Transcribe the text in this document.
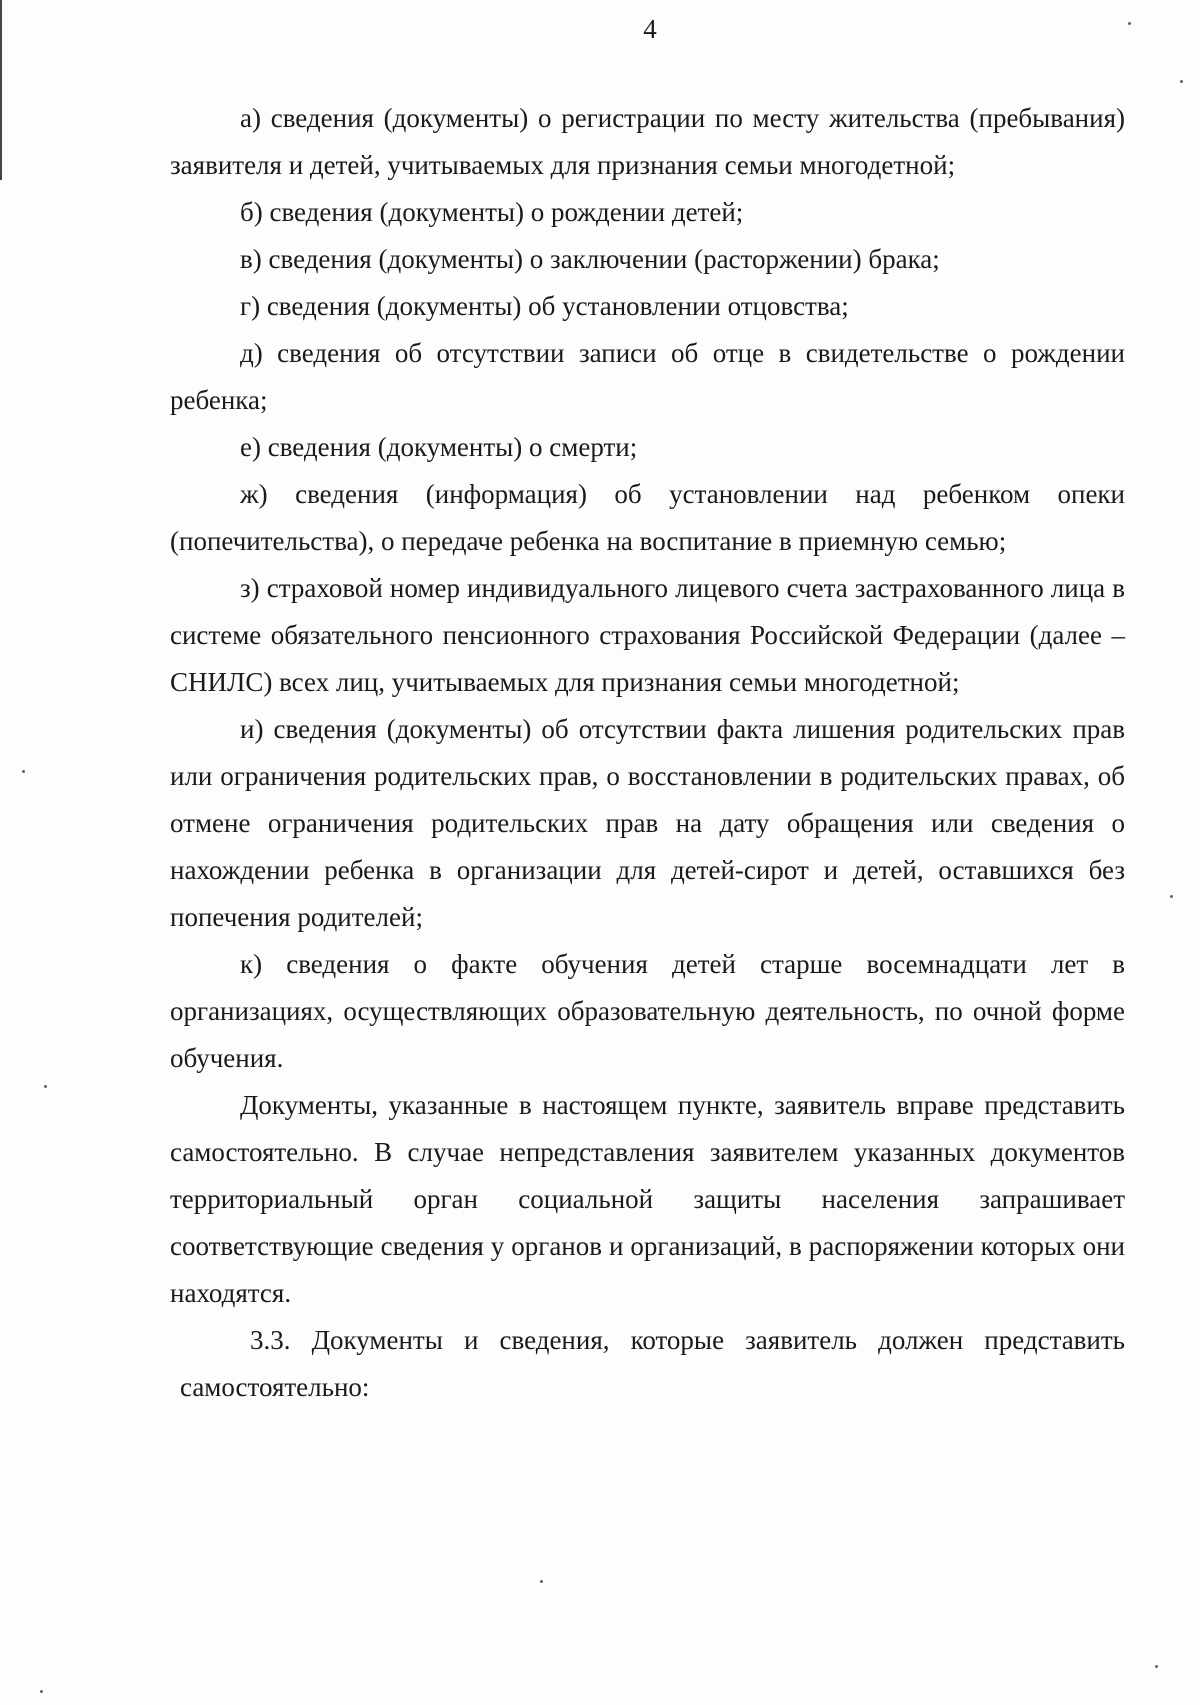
4

а) сведения (документы) о регистрации по месту жительства (пребывания) заявителя и детей, учитываемых для признания семьи многодетной;

б) сведения (документы) о рождении детей;

в) сведения (документы) о заключении (расторжении) брака;

г) сведения (документы) об установлении отцовства;

д) сведения об отсутствии записи об отце в свидетельстве о рождении ребенка;

е) сведения (документы) о смерти;

ж) сведения (информация) об установлении над ребенком опеки (попечительства), о передаче ребенка на воспитание в приемную семью;

з) страховой номер индивидуального лицевого счета застрахованного лица в системе обязательного пенсионного страхования Российской Федерации (далее – СНИЛС) всех лиц, учитываемых для признания семьи многодетной;

и) сведения (документы) об отсутствии факта лишения родительских прав или ограничения родительских прав, о восстановлении в родительских правах, об отмене ограничения родительских прав на дату обращения или сведения о нахождении ребенка в организации для детей-сирот и детей, оставшихся без попечения родителей;

к) сведения о факте обучения детей старше восемнадцати лет в организациях, осуществляющих образовательную деятельность, по очной форме обучения.

Документы, указанные в настоящем пункте, заявитель вправе представить самостоятельно. В случае непредставления заявителем указанных документов территориальный орган социальной защиты населения запрашивает соответствующие сведения у органов и организаций, в распоряжении которых они находятся.

3.3. Документы и сведения, которые заявитель должен представить самостоятельно:
